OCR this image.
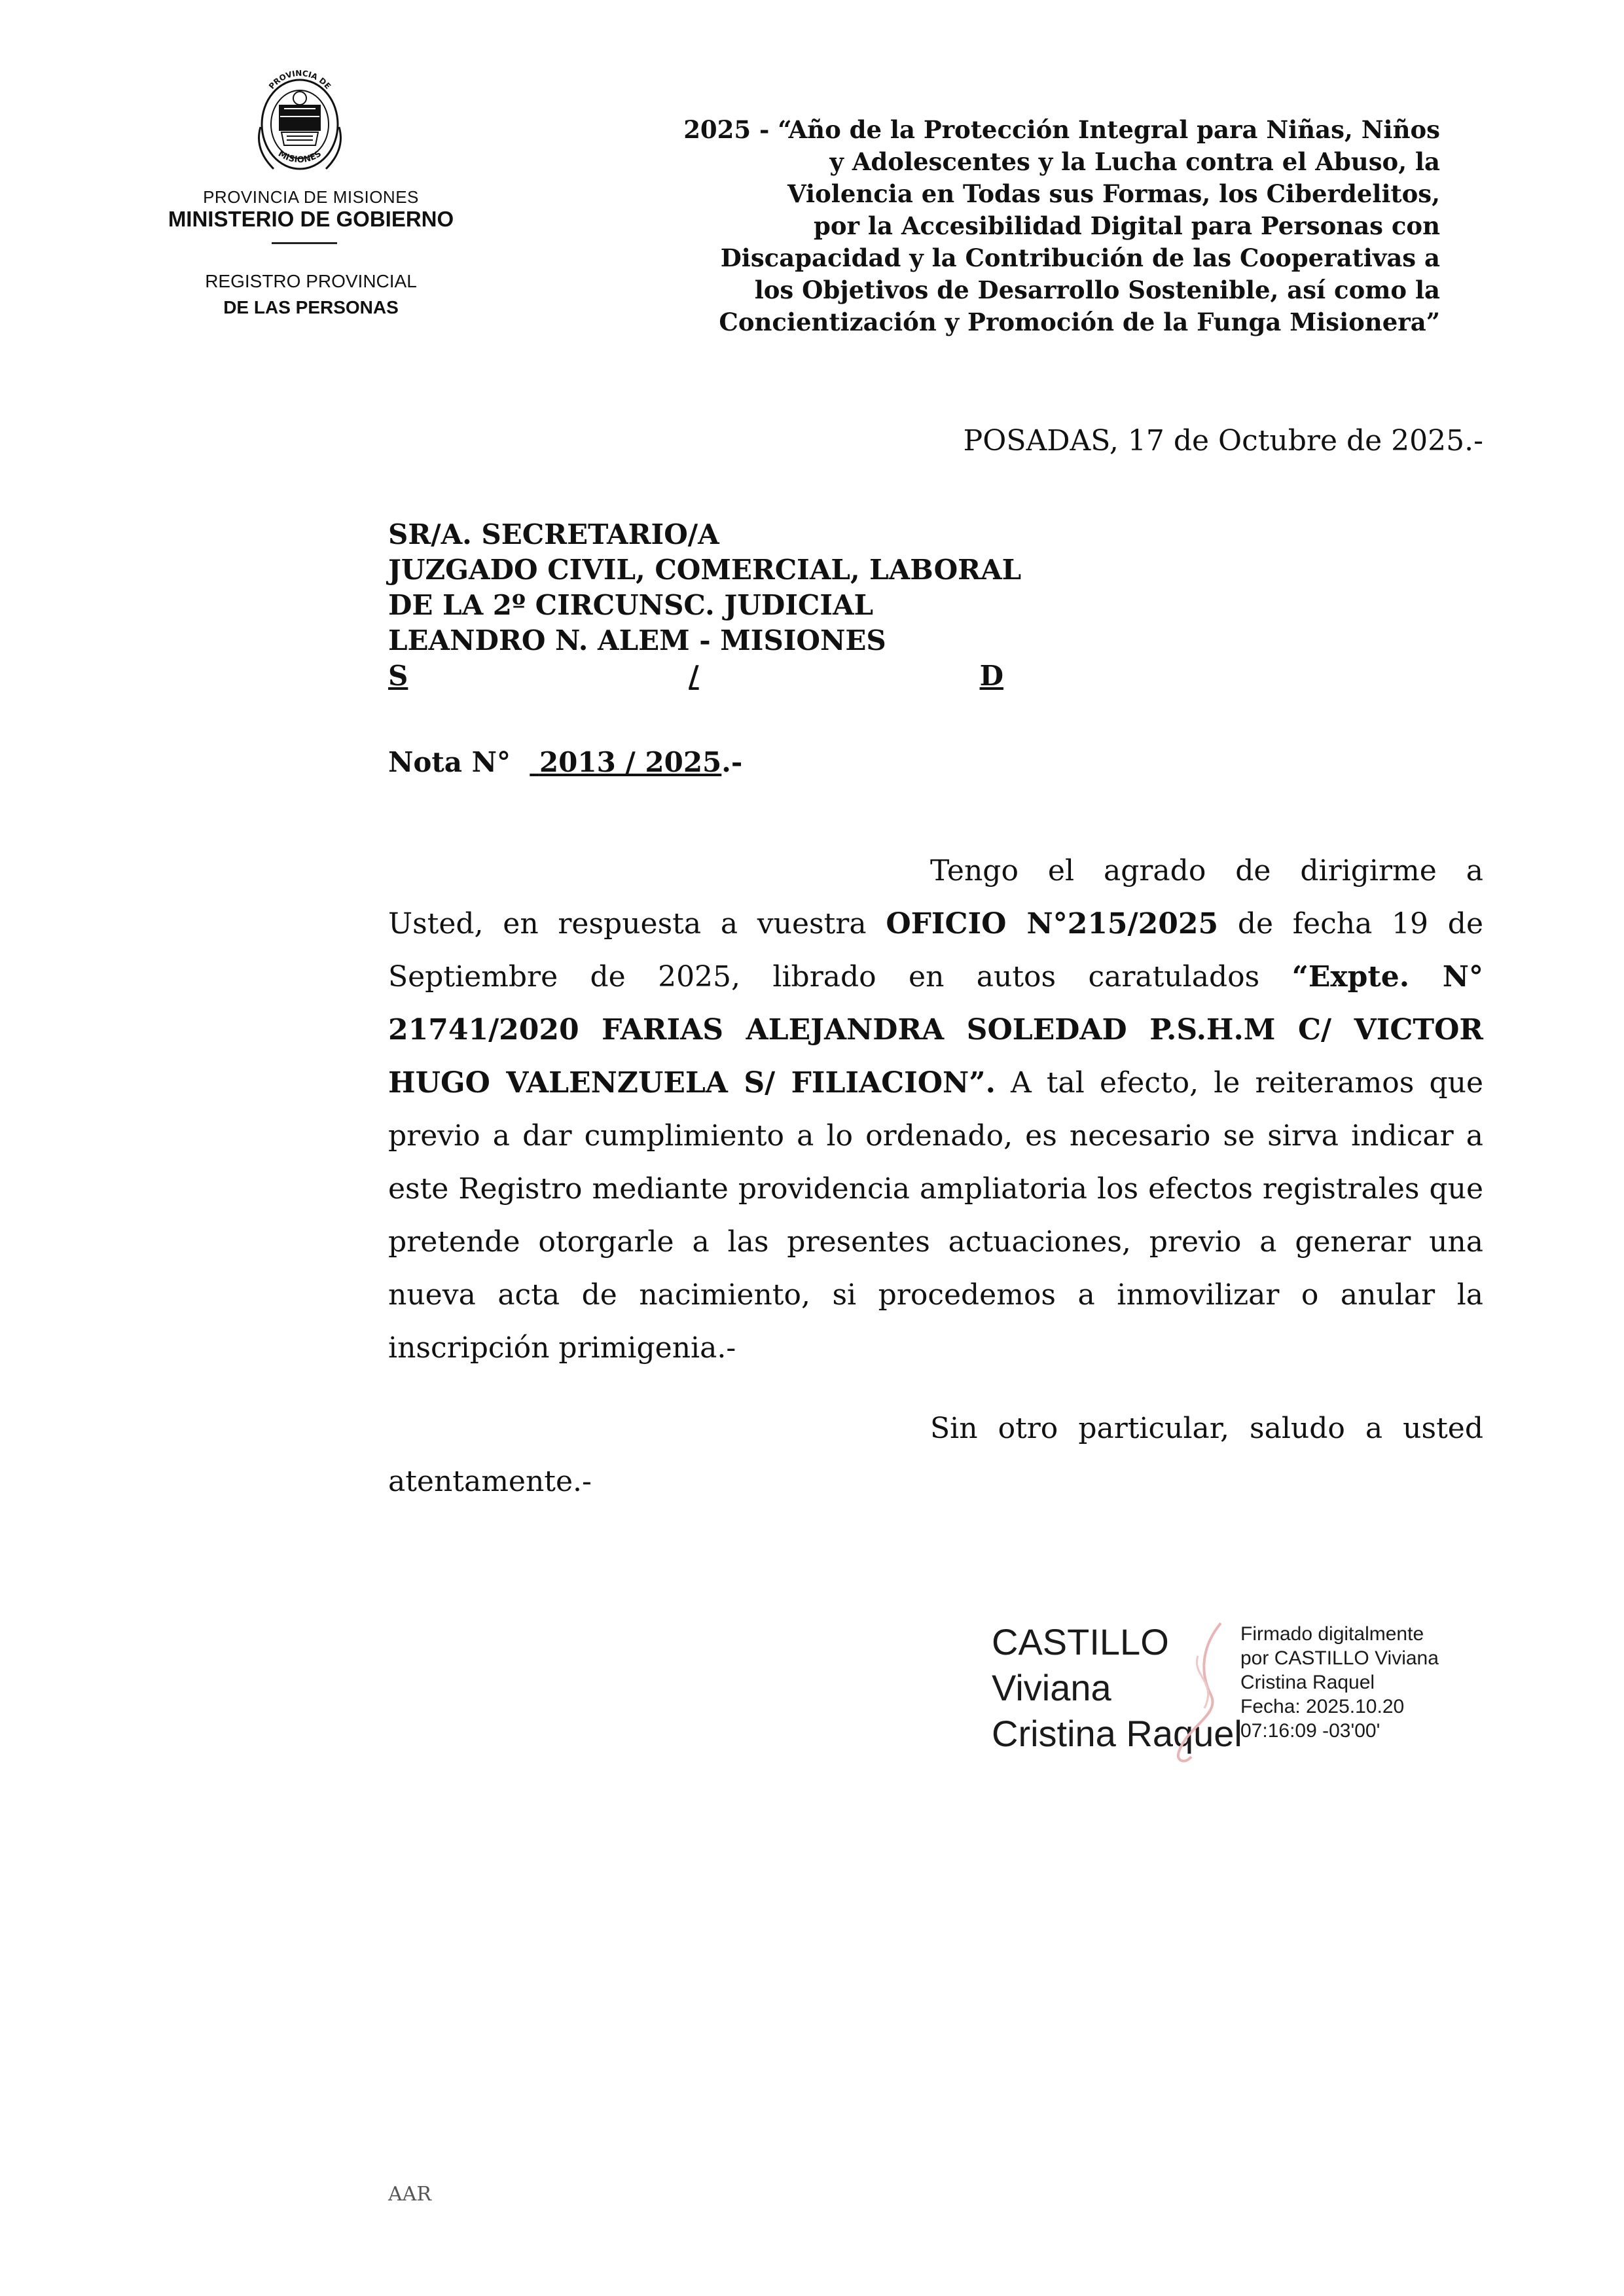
PROVINCIA DE
MISIONES
PROVINCIA DE MISIONES
MINISTERIO DE GOBIERNO
REGISTRO PROVINCIAL
DE LAS PERSONAS
2025 - “Año de la Protección Integral para Niñas, Niños
y Adolescentes y la Lucha contra el Abuso, la
Violencia en Todas sus Formas, los Ciberdelitos,
por la Accesibilidad Digital para Personas con
Discapacidad y la Contribución de las Cooperativas a
los Objetivos de Desarrollo Sostenible, así como la
Concientización y Promoción de la Funga Misionera”
POSADAS, 17 de Octubre de 2025.-
SR/A. SECRETARIO/A
JUZGADO CIVIL, COMERCIAL, LABORAL
DE LA 2º CIRCUNSC. JUDICIAL
LEANDRO N. ALEM - MISIONES
S	/	D
Nota N° 2013 / 2025.-
Tengo el agrado de dirigirme a Usted, en respuesta a vuestra OFICIO N°215/2025 de fecha 19 de Septiembre de 2025, librado en autos caratulados “Expte. N° 21741/2020 FARIAS ALEJANDRA SOLEDAD P.S.H.M C/ VICTOR HUGO VALENZUELA S/ FILIACION”. A tal efecto, le reiteramos que previo a dar cumplimiento a lo ordenado, es necesario se sirva indicar a este Registro mediante providencia ampliatoria los efectos registrales que pretende otorgarle a las presentes actuaciones, previo a generar una nueva acta de nacimiento, si procedemos a inmovilizar o anular la inscripción primigenia.-
Sin otro particular, saludo a usted atentamente.-
CASTILLO
Viviana
Cristina Raquel
Firmado digitalmente
por CASTILLO Viviana
Cristina Raquel
Fecha: 2025.10.20
07:16:09 -03'00'
AAR
